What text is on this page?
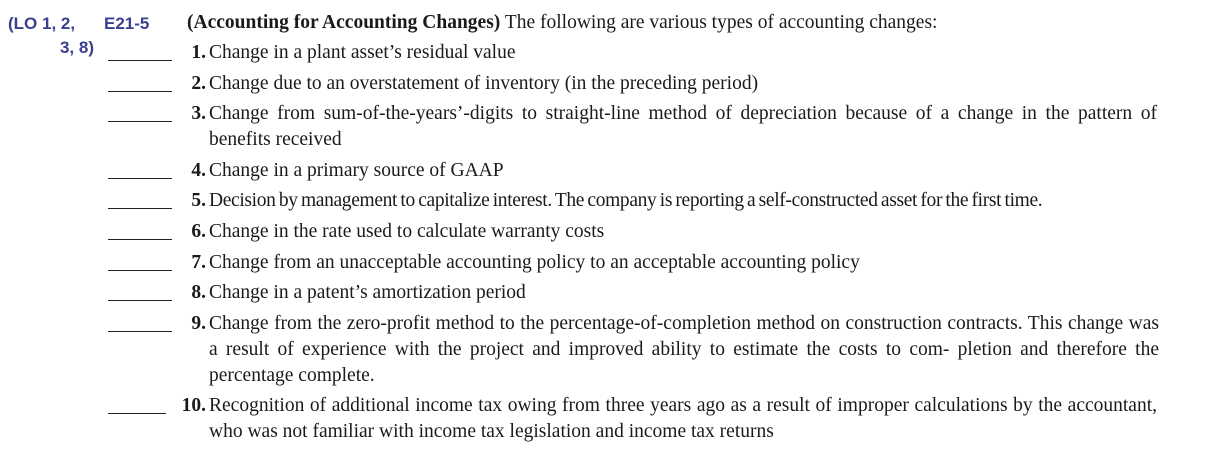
(LO 1, 2,
3, 8)
E21-5 (Accounting for Accounting Changes) The following are various types of accounting changes:
1. Change in a plant asset’s residual value
2. Change due to an overstatement of inventory (in the preceding period)
3. Change from sum-of-the-years’-digits to straight-line method of depreciation because of a change in the pattern of benefits received
4. Change in a primary source of GAAP
5. Decision by management to capitalize interest. The company is reporting a self-constructed asset for the first time.
6. Change in the rate used to calculate warranty costs
7. Change from an unacceptable accounting policy to an acceptable accounting policy
8. Change in a patent’s amortization period
9. Change from the zero-profit method to the percentage-of-completion method on construction contracts. This change was a result of experience with the project and improved ability to estimate the costs to com- pletion and therefore the percentage complete.
10. Recognition of additional income tax owing from three years ago as a result of improper calculations by the accountant, who was not familiar with income tax legislation and income tax returns
